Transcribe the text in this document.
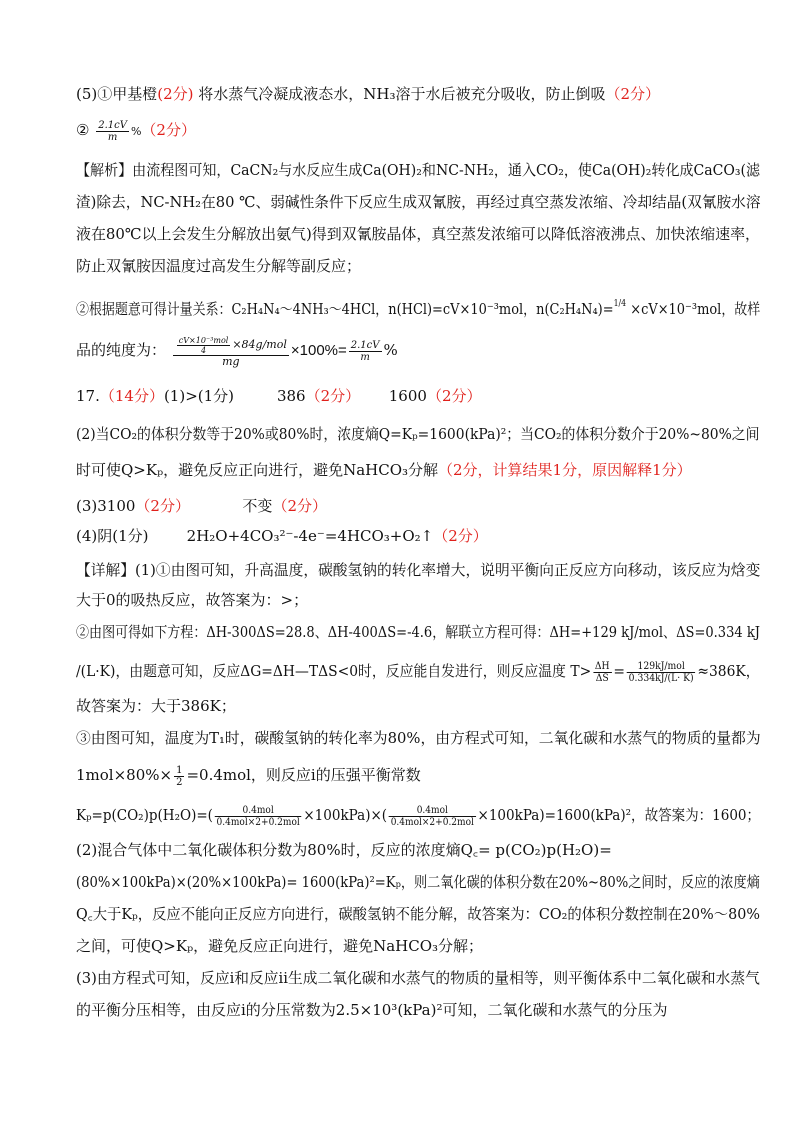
(5)①甲基橙(2分) 将水蒸气冷凝成液态水，NH₃溶于水后被充分吸收，防止倒吸（2分）
② $\frac{2.1cV}{m} \%(2$分）
【解析】由流程图可知，CaCN₂与水反应生成Ca(OH)₂和NC-NH₂，通入CO₂，使Ca(OH)₂转化成CaCO₃(滤
渣)除去，NC-NH₂在80 ℃、弱碱性条件下反应生成双氰胺，再经过真空蒸发浓缩、冷却结晶(双氰胺水溶
液在80℃以上会发生分解放出氨气)得到双氰胺晶体，真空蒸发浓缩可以降低溶液沸点、加快浓缩速率，
防止双氰胺因温度过高发生分解等副反应；
②根据题意可得计量关系：C₂H₄N₄～4NH₃～4HCl，n(HCl)=cV×10⁻³mol，n(C₂H₄N₄)=$^{1/4}$ ×cV×10⁻³mol，故样
品的纯度为： $\frac{\frac{\text{cV×10⁻³mol}}{4} \times 84g/mol}{mg} \times 100\%= \frac{2.1cV}{m}$ %
17.（14分）(1)>(1分)	386（2分） 1600（2分）
(2)当CO₂的体积分数等于20%或80%时，浓度熵Q=Kₚ=1600(kPa)²；当CO₂的体积分数介于20%~80%之间
时可使Q>Kₚ，避免反应正向进行，避免NaHCO₃分解（2分，计算结果1分，原因解释1分）
(3)3100（2分）	不变（2分）
(4)阴(1分)	2H₂O+4CO₃²⁻-4e⁻=4HCO₃+O₂↑（2分）
【详解】(1)①由图可知，升高温度，碳酸氢钠的转化率增大，说明平衡向正反应方向移动，该反应为焓变
大于0的吸热反应，故答案为：>；
②由图可得如下方程：ΔH-300ΔS=28.8、ΔH-400ΔS=-4.6，解联立方程可得：ΔH=+129 kJ/mol、ΔS=0.334 kJ
/(L·K)，由题意可知，反应ΔG=ΔH—TΔS<0时，反应能自发进行，则反应温度 $T> \frac{\Delta H}{\Delta S} = \frac{\text{129kJ/mol}}{0.334kJ/(L\cdot K)} \approx 386K$，
故答案为：大于386K；
③由图可知，温度为T₁时，碳酸氢钠的转化率为80%，由方程式可知，二氧化碳和水蒸气的物质的量都为
$1mol\times 80\%\times \frac{1}{2} =0.4mol$，则反应i的压强平衡常数
$K_p=p(CO_2)p(H_2O)=( \frac{\text{0.4mol}}{\text{0.4mol×2+0.2mol}} \times 100kPa)\times( \frac{\text{0.4mol}}{\text{0.4mol×2+0.2mol}} \times 100kPa)=1600(kPa)^2$，故答案为：1600；
(2)混合气体中二氧化碳体积分数为80%时，反应的浓度熵Q꜀= p(CO₂)p(H₂O)=
(80%×100kPa)×(20%×100kPa)= 1600(kPa)²=Kₚ，则二氧化碳的体积分数在20%~80%之间时，反应的浓度熵
Q꜀大于Kₚ，反应不能向正反应方向进行，碳酸氢钠不能分解，故答案为：CO₂的体积分数控制在20%～80%
之间，可使Q>Kₚ，避免反应正向进行，避免NaHCO₃分解；
(3)由方程式可知，反应i和反应ii生成二氧化碳和水蒸气的物质的量相等，则平衡体系中二氧化碳和水蒸气
的平衡分压相等，由反应i的分压常数为2.5×10³(kPa)²可知，二氧化碳和水蒸气的分压为
